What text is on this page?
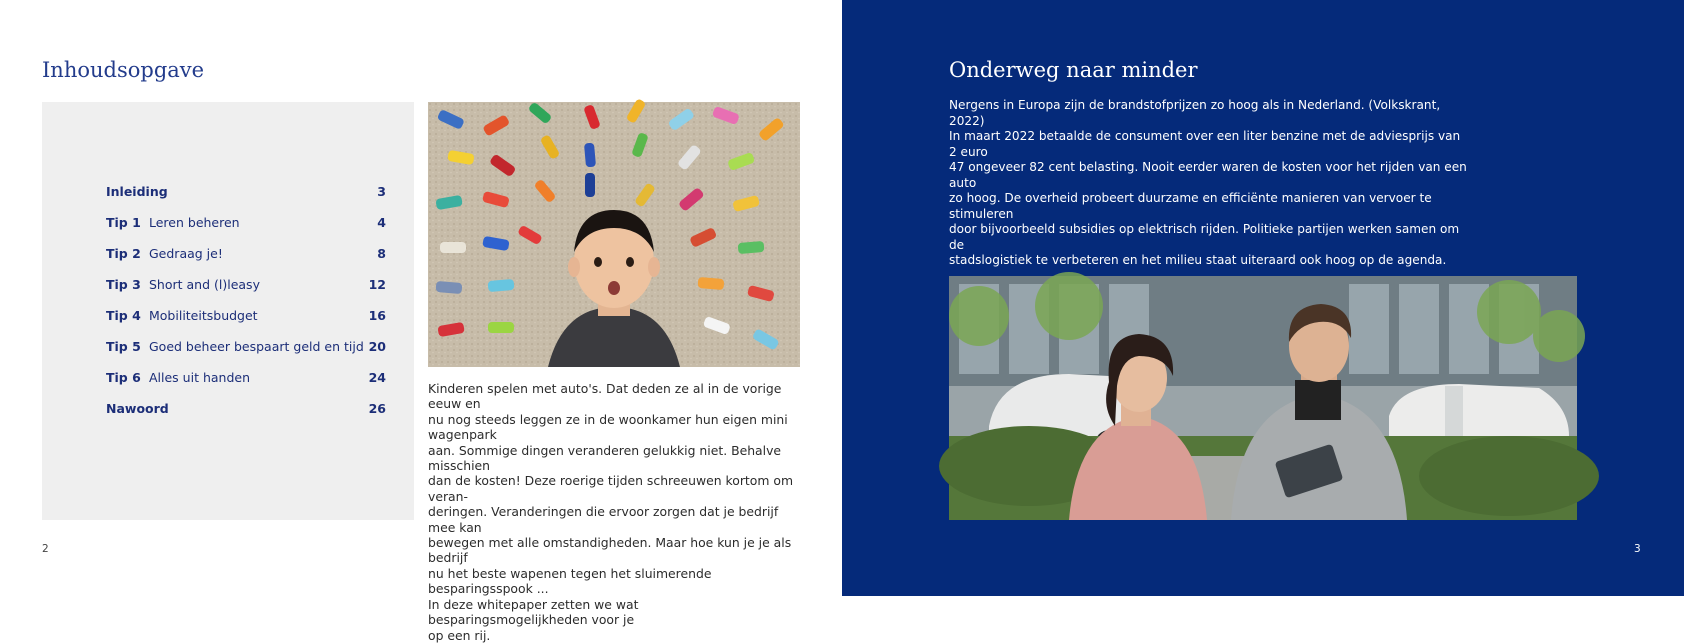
Inhoudsopgave
Inleiding	3
Tip 1 Leren beheren	4
Tip 2 Gedraag je!	8
Tip 3 Short and (l)leasy	12
Tip 4 Mobiliteitsbudget	16
Tip 5 Goed beheer bespaart geld en tijd 20
Tip 6 Alles uit handen	24
Nawoord	26
Kinderen spelen met auto's. Dat deden ze al in de vorige eeuw en
nu nog steeds leggen ze in de woonkamer hun eigen mini wagenpark
aan. Sommige dingen veranderen gelukkig niet. Behalve misschien
dan de kosten! Deze roerige tijden schreeuwen kortom om veran-
deringen. Veranderingen die ervoor zorgen dat je bedrijf mee kan
bewegen met alle omstandigheden. Maar hoe kun je je als bedrijf
nu het beste wapenen tegen het sluimerende besparingsspook ...
In deze whitepaper zetten we wat besparingsmogelijkheden voor je
op een rij.
2
Onderweg naar minder

Nergens in Europa zijn de brandstofprijzen zo hoog als in Nederland. (Volkskrant, 2022)
In maart 2022 betaalde de consument over een liter benzine met de adviesprijs van 2 euro
47 ongeveer 82 cent belasting. Nooit eerder waren de kosten voor het rijden van een auto
zo hoog. De overheid probeert duurzame en efficiënte manieren van vervoer te stimuleren
door bijvoorbeeld subsidies op elektrisch rijden. Politieke partijen werken samen om de
stadslogistiek te verbeteren en het milieu staat uiteraard ook hoog op de agenda.

3
